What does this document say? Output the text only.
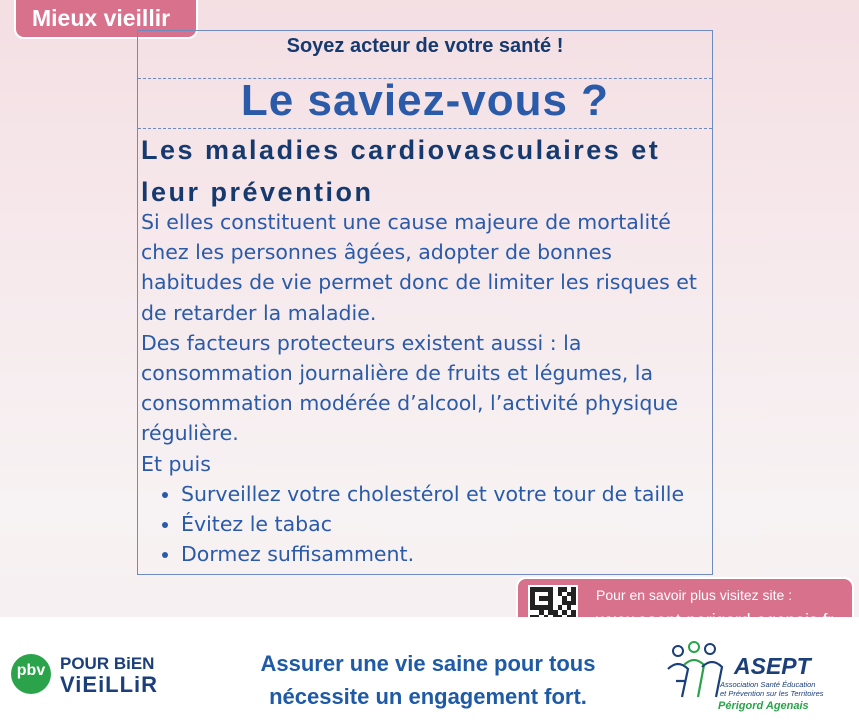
Mieux vieillir
Soyez acteur de votre santé !
Le saviez-vous ?
Les maladies cardiovasculaires et leur prévention

Si elles constituent une cause majeure de mortalité chez les personnes âgées, adopter de bonnes habitudes de vie permet donc de limiter les risques et de retarder la maladie.

Des facteurs protecteurs existent aussi : la consommation journalière de fruits et légumes, la consommation modérée d’alcool, l’activité physique régulière.

Et puis

• Surveillez votre cholestérol et votre tour de taille
• Évitez le tabac
• Dormez suffisamment.
Pour en savoir plus visitez site :
pbv POUR BiEN
ViEiLLiR
Assurer une vie saine pour tous
nécessite un engagement fort.
ASEPT
Association Santé Éducation
et Prévention sur les Territoires
Périgord Agenais
